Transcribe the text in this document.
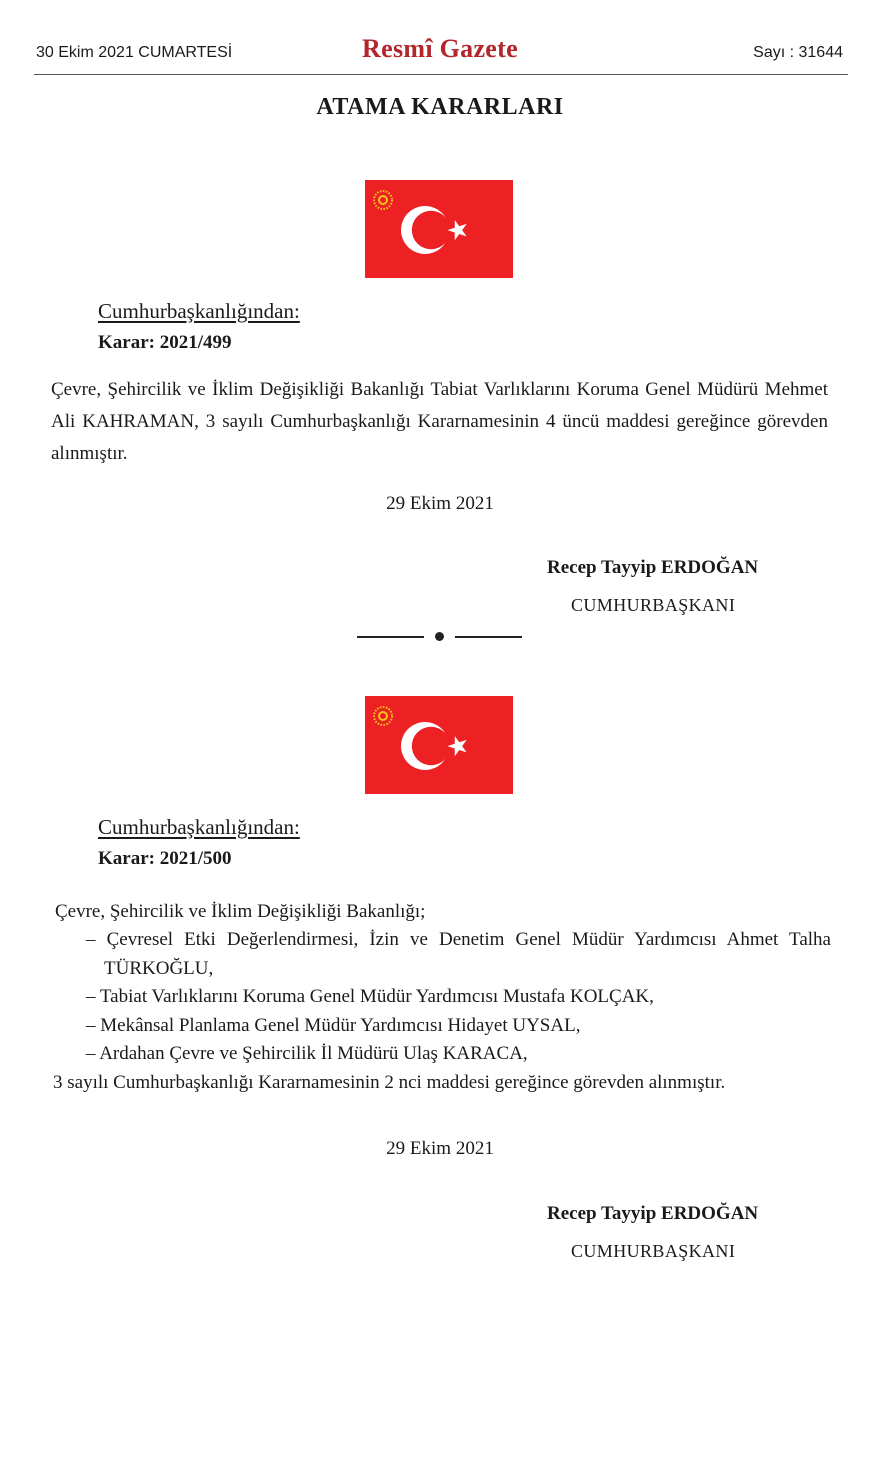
30 Ekim 2021 CUMARTESİ	Resmî Gazete	Sayı : 31644
ATAMA KARARLARI
Cumhurbaşkanlığından:
Karar: 2021/499
Çevre, Şehircilik ve İklim Değişikliği Bakanlığı Tabiat Varlıklarını Koruma Genel Müdürü Mehmet Ali KAHRAMAN, 3 sayılı Cumhurbaşkanlığı Kararnamesinin 4 üncü maddesi gereğince görevden alınmıştır.
29 Ekim 2021
Recep Tayyip ERDOĞAN
CUMHURBAŞKANI
Cumhurbaşkanlığından:
Karar: 2021/500
Çevre, Şehircilik ve İklim Değişikliği Bakanlığı;
– Çevresel Etki Değerlendirmesi, İzin ve Denetim Genel Müdür Yardımcısı Ahmet Talha
TÜRKOĞLU,
– Tabiat Varlıklarını Koruma Genel Müdür Yardımcısı Mustafa KOLÇAK,
– Mekânsal Planlama Genel Müdür Yardımcısı Hidayet UYSAL,
– Ardahan Çevre ve Şehircilik İl Müdürü Ulaş KARACA,
3 sayılı Cumhurbaşkanlığı Kararnamesinin 2 nci maddesi gereğince görevden alınmıştır.
29 Ekim 2021
Recep Tayyip ERDOĞAN
CUMHURBAŞKANI
